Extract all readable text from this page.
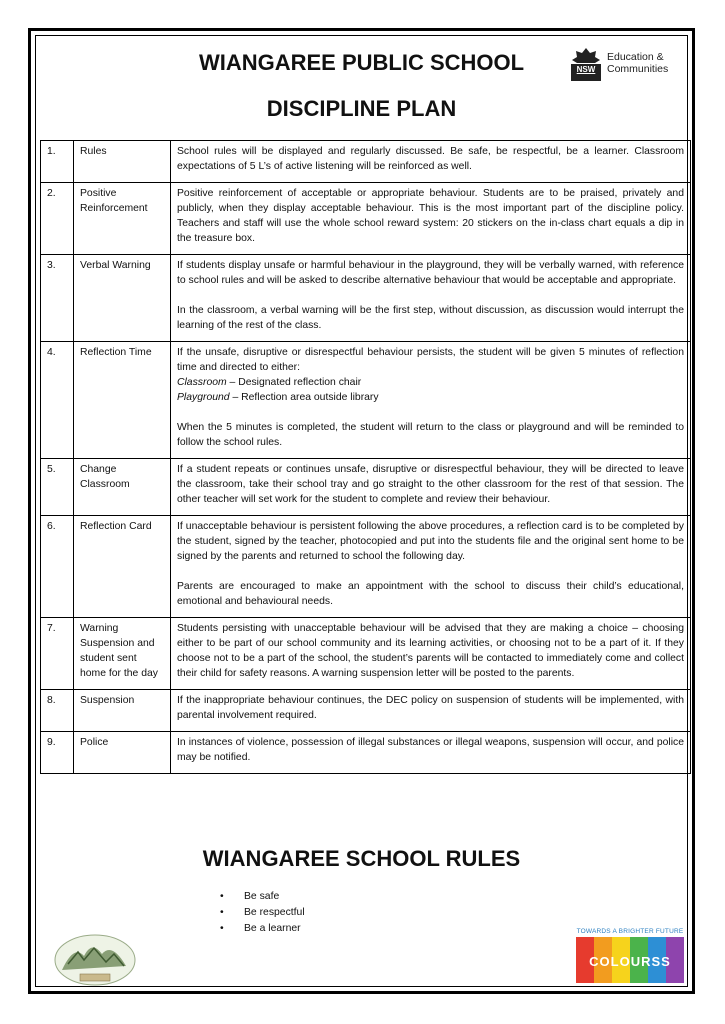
WIANGAREE PUBLIC SCHOOL	NSW
Education &
Communities
DISCIPLINE PLAN
1.	Rules	School rules will be displayed and regularly discussed. Be safe, be respectful, be a learner. Classroom expectations of 5 L’s of active listening will be reinforced as well.

2.	Positive Reinforcement	Positive reinforcement of acceptable or appropriate behaviour. Students are to be praised, privately and publicly, when they display acceptable behaviour. This is the most important part of the discipline policy. Teachers and staff will use the whole school reward system: 20 stickers on the in-class chart equals a dip in the treasure box.

3.	Verbal Warning	If students display unsafe or harmful behaviour in the playground, they will be verbally warned, with reference to school rules and will be asked to describe alternative behaviour that would be acceptable and appropriate.

In the classroom, a verbal warning will be the first step, without discussion, as discussion would interrupt the learning of the rest of the class.

4.	Reflection Time	If the unsafe, disruptive or disrespectful behaviour persists, the student will be given 5 minutes of reflection time and directed to either:
Classroom – Designated reflection chair
Playground – Reflection area outside library

When the 5 minutes is completed, the student will return to the class or playground and will be reminded to follow the school rules.

5.	Change Classroom	If a student repeats or continues unsafe, disruptive or disrespectful behaviour, they will be directed to leave the classroom, take their school tray and go straight to the other classroom for the rest of that session. The other teacher will set work for the student to complete and review their behaviour.

6.	Reflection Card	If unacceptable behaviour is persistent following the above procedures, a reflection card is to be completed by the student, signed by the teacher, photocopied and put into the students file and the original sent home to be signed by the parents and returned to school the following day.

Parents are encouraged to make an appointment with the school to discuss their child’s educational, emotional and behavioural needs.

7.	Warning Suspension and student sent home for the day	Students persisting with unacceptable behaviour will be advised that they are making a choice – choosing either to be part of our school community and its learning activities, or choosing not to be a part of it. If they choose not to be a part of the school, the student’s parents will be contacted to immediately come and collect their child for safety reasons. A warning suspension letter will be posted to the parents.

8.	Suspension	If the inappropriate behaviour continues, the DEC policy on suspension of students will be implemented, with parental involvement required.

9.	Police	In instances of violence, possession of illegal substances or illegal weapons, suspension will occur, and police may be notified.

WIANGAREE SCHOOL RULES
• Be safe
• Be respectful
• Be a learner	TOWARDS A BRIGHTER FUTURE
COLOURSS
